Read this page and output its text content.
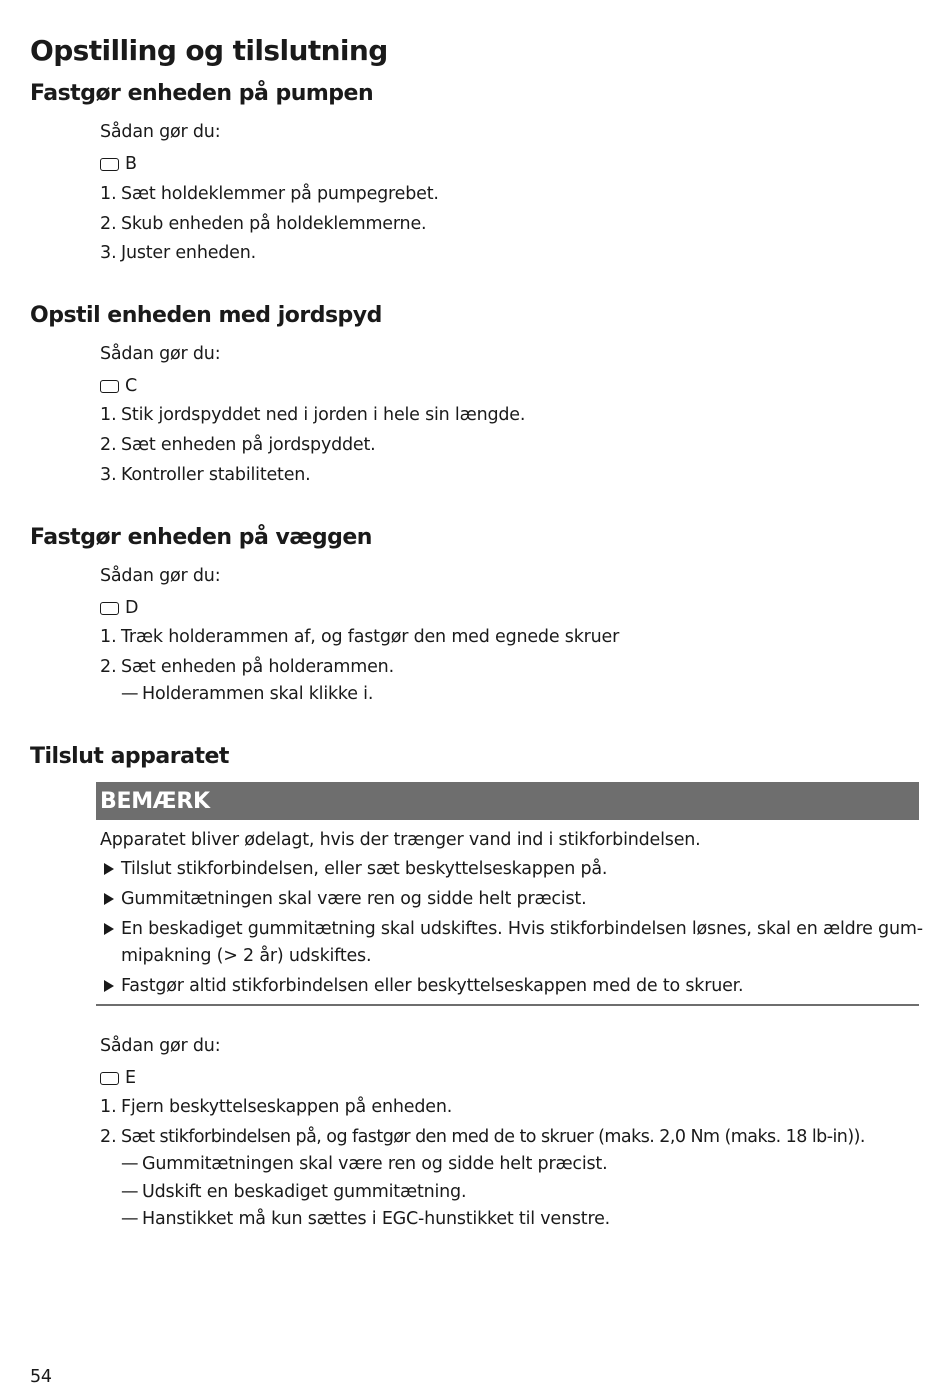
Opstilling og tilslutning
Fastgør enheden på pumpen
Sådan gør du:
B
1. Sæt holdeklemmer på pumpegrebet.
2. Skub enheden på holdeklemmerne.
3. Juster enheden.
Opstil enheden med jordspyd
Sådan gør du:
C
1. Stik jordspyddet ned i jorden i hele sin længde.
2. Sæt enheden på jordspyddet.
3. Kontroller stabiliteten.
Fastgør enheden på væggen
Sådan gør du:
D
1. Træk holderammen af, og fastgør den med egnede skruer
2. Sæt enheden på holderammen.
— Holderammen skal klikke i.
Tilslut apparatet
BEMÆRK
Apparatet bliver ødelagt, hvis der trænger vand ind i stikforbindelsen.
Tilslut stikforbindelsen, eller sæt beskyttelseskappen på.
Gummitætningen skal være ren og sidde helt præcist.
En beskadiget gummitætning skal udskiftes. Hvis stikforbindelsen løsnes, skal en ældre gum-
mipakning (> 2 år) udskiftes.
Fastgør altid stikforbindelsen eller beskyttelseskappen med de to skruer.
Sådan gør du:
E
1. Fjern beskyttelseskappen på enheden.
2. Sæt stikforbindelsen på, og fastgør den med de to skruer (maks. 2,0 Nm (maks. 18 lb-in)).
— Gummitætningen skal være ren og sidde helt præcist.
— Udskift en beskadiget gummitætning.
— Hanstikket må kun sættes i EGC-hunstikket til venstre.
54
